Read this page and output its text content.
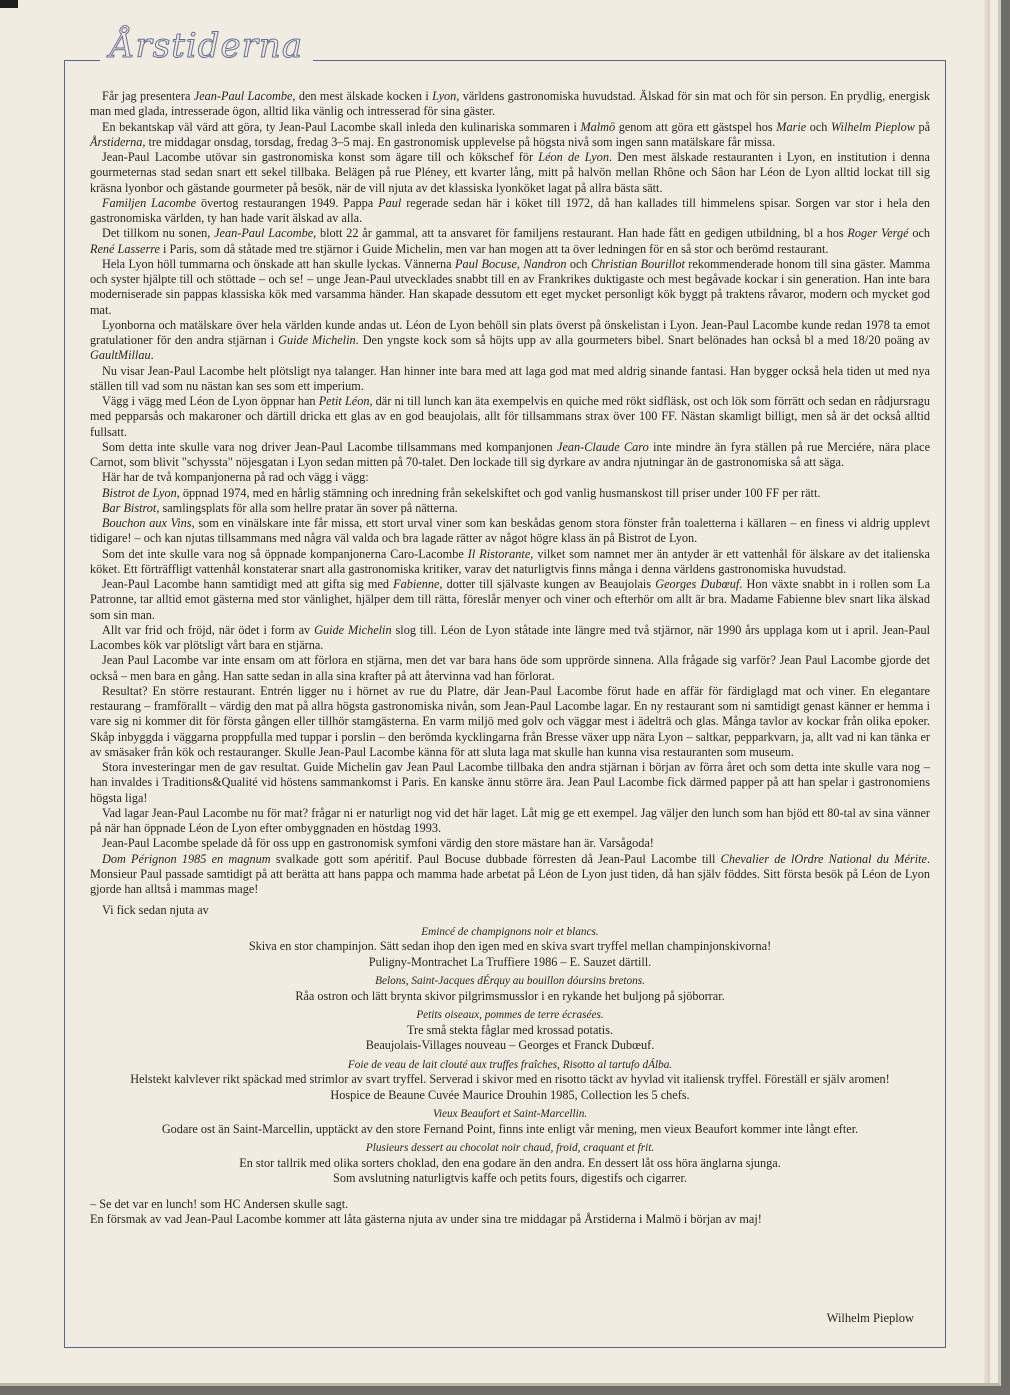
Årstiderna

Får jag presentera Jean-Paul Lacombe, den mest älskade kocken i Lyon, världens gastronomiska huvudstad. Älskad för sin mat och för sin person. En prydlig, energisk man med glada, intresserade ögon, alltid lika vänlig och intresserad för sina gäster.

En bekantskap väl värd att göra, ty Jean-Paul Lacombe skall inleda den kulinariska sommaren i Malmö genom att göra ett gästspel hos Marie och Wilhelm Pieplow på Årstiderna, tre middagar onsdag, torsdag, fredag 3–5 maj. En gastronomisk upplevelse på högsta nivå som ingen sann matälskare får missa.

Jean-Paul Lacombe utövar sin gastronomiska konst som ägare till och kökschef för Léon de Lyon. Den mest älskade restauranten i Lyon, en institution i denna gourmeternas stad sedan snart ett sekel tillbaka. Belägen på rue Pléney, ett kvarter lång, mitt på halvön mellan Rhône och Sâon har Léon de Lyon alltid lockat till sig kräsna lyonbor och gästande gourmeter på besök, när de vill njuta av det klassiska lyonköket lagat på allra bästa sätt.

Familjen Lacombe övertog restaurangen 1949. Pappa Paul regerade sedan här i köket till 1972, då han kallades till himmelens spisar. Sorgen var stor i hela den gastronomiska världen, ty han hade varit älskad av alla.

Det tillkom nu sonen, Jean-Paul Lacombe, blott 22 år gammal, att ta ansvaret för familjens restaurant. Han hade fått en gedigen utbildning, bl a hos Roger Vergé och René Lasserre i Paris, som då ståtade med tre stjärnor i Guide Michelin, men var han mogen att ta över ledningen för en så stor och berömd restaurant.

Hela Lyon höll tummarna och önskade att han skulle lyckas. Vännerna Paul Bocuse, Nandron och Christian Bourillot rekommenderade honom till sina gäster. Mamma och syster hjälpte till och stöttade – och se! – unge Jean-Paul utvecklades snabbt till en av Frankrikes duktigaste och mest begåvade kockar i sin generation. Han inte bara moderniserade sin pappas klassiska kök med varsamma händer. Han skapade dessutom ett eget mycket personligt kök byggt på traktens råvaror, modern och mycket god mat.

Lyonborna och matälskare över hela världen kunde andas ut. Léon de Lyon behöll sin plats överst på önskelistan i Lyon. Jean-Paul Lacombe kunde redan 1978 ta emot gratulationer för den andra stjärnan i Guide Michelin. Den yngste kock som så höjts upp av alla gourmeters bibel. Snart belönades han också bl a med 18/20 poäng av GaultMillau.

Nu visar Jean-Paul Lacombe helt plötsligt nya talanger. Han hinner inte bara med att laga god mat med aldrig sinande fantasi. Han bygger också hela tiden ut med nya ställen till vad som nu nästan kan ses som ett imperium.

Vägg i vägg med Léon de Lyon öppnar han Petit Léon, där ni till lunch kan äta exempelvis en quiche med rökt sidfläsk, ost och lök som förrätt och sedan en rådjursragu med pepparsås och makaroner och därtill dricka ett glas av en god beaujolais, allt för tillsammans strax över 100 FF. Nästan skamligt billigt, men så är det också alltid fullsatt.

Som detta inte skulle vara nog driver Jean-Paul Lacombe tillsammans med kompanjonen Jean-Claude Caro inte mindre än fyra ställen på rue Merciére, nära place Carnot, som blivit "schyssta" nöjesgatan i Lyon sedan mitten på 70-talet. Den lockade till sig dyrkare av andra njutningar än de gastronomiska så att säga.

Här har de två kompanjonerna på rad och vägg i vägg:

Bistrot de Lyon, öppnad 1974, med en hårlig stämning och inredning från sekelskiftet och god vanlig husmanskost till priser under 100 FF per rätt.

Bar Bistrot, samlingsplats för alla som hellre pratar än sover på nätterna.

Bouchon aux Vins, som en vinälskare inte får missa, ett stort urval viner som kan beskådas genom stora fönster från toaletterna i källaren – en finess vi aldrig upplevt tidigare! – och kan njutas tillsammans med några väl valda och bra lagade rätter av något högre klass än på Bistrot de Lyon.

Som det inte skulle vara nog så öppnade kompanjonerna Caro-Lacombe Il Ristorante, vilket som namnet mer än antyder är ett vattenhål för älskare av det italienska köket. Ett förträffligt vattenhål konstaterar snart alla gastronomiska kritiker, varav det naturligtvis finns många i denna världens gastronomiska huvudstad.

Jean-Paul Lacombe hann samtidigt med att gifta sig med Fabienne, dotter till självaste kungen av Beaujolais Georges Dubœuf. Hon växte snabbt in i rollen som La Patronne, tar alltid emot gästerna med stor vänlighet, hjälper dem till rätta, föreslår menyer och viner och efterhör om allt är bra. Madame Fabienne blev snart lika älskad som sin man.

Allt var frid och fröjd, när ödet i form av Guide Michelin slog till. Léon de Lyon ståtade inte längre med två stjärnor, när 1990 års upplaga kom ut i april. Jean-Paul Lacombes kök var plötsligt vårt bara en stjärna.

Jean Paul Lacombe var inte ensam om att förlora en stjärna, men det var bara hans öde som upprörde sinnena. Alla frågade sig varför? Jean Paul Lacombe gjorde det också – men bara en gång. Han satte sedan in alla sina krafter på att återvinna vad han förlorat.

Resultat? En större restaurant. Entrén ligger nu i hörnet av rue du Platre, där Jean-Paul Lacombe förut hade en affär för färdiglagd mat och viner. En elegantare restaurang – framförallt – värdig den mat på allra högsta gastronomiska nivån, som Jean-Paul Lacombe lagar. En ny restaurant som ni samtidigt genast känner er hemma i vare sig ni kommer dit för första gången eller tillhör stamgästerna. En varm miljö med golv och väggar mest i ädelträ och glas. Många tavlor av kockar från olika epoker. Skåp inbyggda i väggarna proppfulla med tuppar i porslin – den berömda kycklingarna från Bresse växer upp nära Lyon – saltkar, pepparkvarn, ja, allt vad ni kan tänka er av smäsaker från kök och restauranger. Skulle Jean-Paul Lacombe känna för att sluta laga mat skulle han kunna visa restauranten som museum.

Stora investeringar men de gav resultat. Guide Michelin gav Jean Paul Lacombe tillbaka den andra stjärnan i början av förra året och som detta inte skulle vara nog – han invaldes i Traditions&Qualité vid höstens sammankomst i Paris. En kanske ännu större ära. Jean Paul Lacombe fick därmed papper på att han spelar i gastronomiens högsta liga!

Vad lagar Jean-Paul Lacombe nu för mat? frågar ni er naturligt nog vid det här laget. Låt mig ge ett exempel. Jag väljer den lunch som han bjöd ett 80-tal av sina vänner på när han öppnade Léon de Lyon efter ombyggnaden en höstdag 1993.

Jean-Paul Lacombe spelade då för oss upp en gastronomisk symfoni värdig den store mästare han är. Varsågoda!

Dom Pérignon 1985 en magnum svalkade gott som apéritif. Paul Bocuse dubbade förresten då Jean-Paul Lacombe till Chevalier de lOrdre National du Mérite. Monsieur Paul passade samtidigt på att berätta att hans pappa och mamma hade arbetat på Léon de Lyon just tiden, då han själv föddes. Sitt första besök på Léon de Lyon gjorde han alltså i mammas mage!

Vi fick sedan njuta av

Emincé de champignons noir et blancs.
Skiva en stor champinjon. Sätt sedan ihop den igen med en skiva svart tryffel mellan champinjonskivorna!
Puligny-Montrachet La Truffiere 1986 – E. Sauzet därtill.
Belons, Saint-Jacques dÉrquy au bouillon dóursins bretons.
Råa ostron och lätt brynta skivor pilgrimsmusslor i en rykande het buljong på sjöborrar.
Petits oiseaux, pommes de terre écrasées.
Tre små stekta fåglar med krossad potatis.
Beaujolais-Villages nouveau – Georges et Franck Dubœuf.
Foie de veau de lait clouté aux truffes fraîches, Risotto al tartufo dÁlba.
Helstekt kalvlever rikt späckad med strimlor av svart tryffel. Serverad i skivor med en risotto täckt av hyvlad vit italiensk tryffel. Föreställ er själv aromen!
Hospice de Beaune Cuvée Maurice Drouhin 1985, Collection les 5 chefs.
Vieux Beaufort et Saint-Marcellin.
Godare ost än Saint-Marcellin, upptäckt av den store Fernand Point, finns inte enligt vår mening, men vieux Beaufort kommer inte långt efter.
Plusieurs dessert au chocolat noir chaud, froid, craquant et frit.
En stor tallrik med olika sorters choklad, den ena godare än den andra. En dessert låt oss höra änglarna sjunga.
Som avslutning naturligtvis kaffe och petits fours, digestifs och cigarrer.

– Se det var en lunch! som HC Andersen skulle sagt.

En försmak av vad Jean-Paul Lacombe kommer att låta gästerna njuta av under sina tre middagar på Årstiderna i Malmö i början av maj!

Wilhelm Pieplow
